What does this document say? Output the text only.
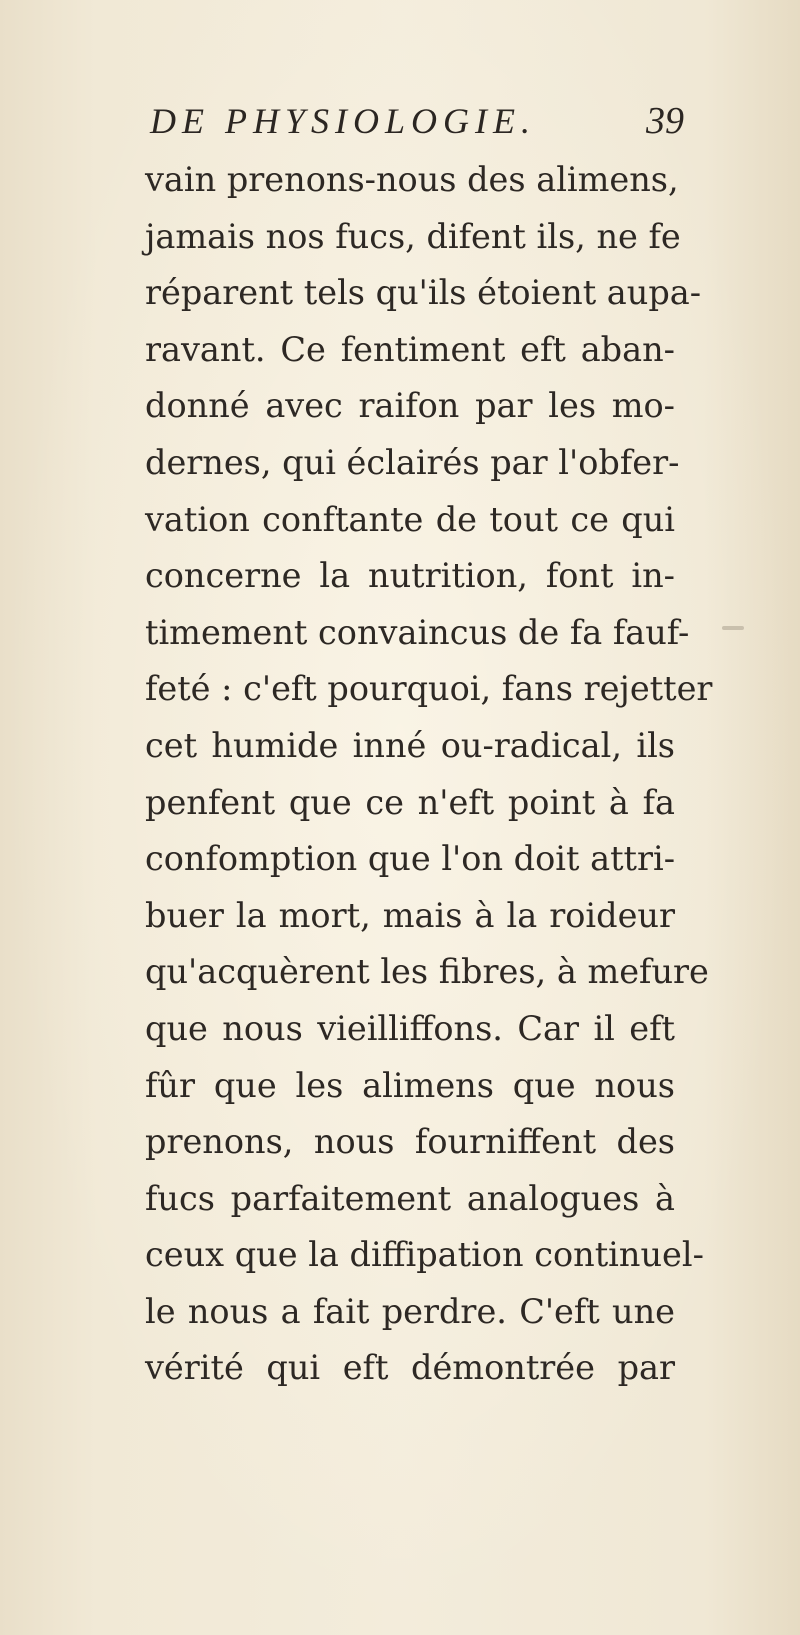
DE PHYSIOLOGIE.	39
vain prenons-nous des alimens,
jamais nos fucs, difent ils, ne fe
réparent tels qu'ils étoient aupa-
ravant. Ce fentiment eft aban-
donné avec raifon par les mo-
dernes, qui éclairés par l'obfer-
vation conftante de tout ce qui
concerne la nutrition, font in-
timement convaincus de fa fauf-
feté : c'eft pourquoi, fans rejetter
cet humide inné ou-radical, ils
penfent que ce n'eft point à fa
confomption que l'on doit attri-
buer la mort, mais à la roideur
qu'acquèrent les fibres, à mefure
que nous vieilliffons. Car il eft
fûr que les alimens que nous
prenons, nous fourniffent des
fucs parfaitement analogues à
ceux que la diffipation continuel-
le nous a fait perdre. C'eft une
vérité qui eft démontrée par
